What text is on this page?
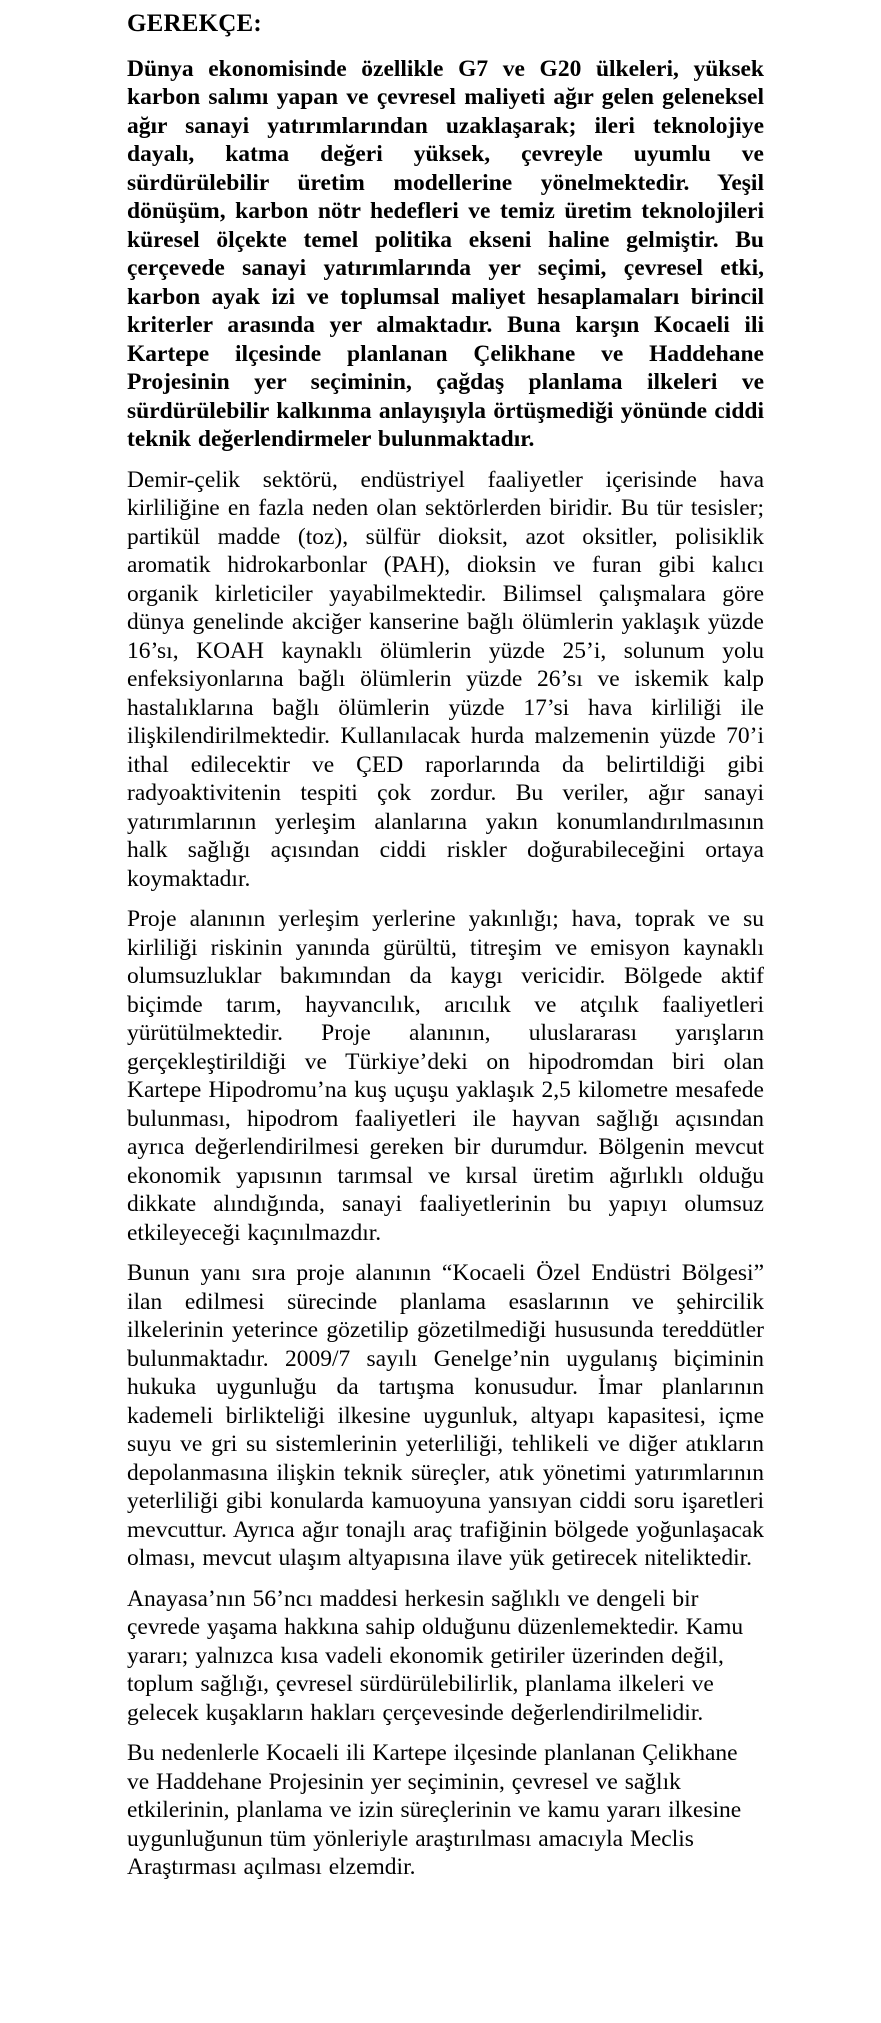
GEREKÇE:

Dünya ekonomisinde özellikle G7 ve G20 ülkeleri, yüksek karbon salımı yapan ve çevresel maliyeti ağır gelen geleneksel ağır sanayi yatırımlarından uzaklaşarak; ileri teknolojiye dayalı, katma değeri yüksek, çevreyle uyumlu ve sürdürülebilir üretim modellerine yönelmektedir. Yeşil dönüşüm, karbon nötr hedefleri ve temiz üretim teknolojileri küresel ölçekte temel politika ekseni haline gelmiştir. Bu çerçevede sanayi yatırımlarında yer seçimi, çevresel etki, karbon ayak izi ve toplumsal maliyet hesaplamaları birincil kriterler arasında yer almaktadır. Buna karşın Kocaeli ili Kartepe ilçesinde planlanan Çelikhane ve Haddehane Projesinin yer seçiminin, çağdaş planlama ilkeleri ve sürdürülebilir kalkınma anlayışıyla örtüşmediği yönünde ciddi teknik değerlendirmeler bulunmaktadır.

Demir-çelik sektörü, endüstriyel faaliyetler içerisinde hava kirliliğine en fazla neden olan sektörlerden biridir. Bu tür tesisler; partikül madde (toz), sülfür dioksit, azot oksitler, polisiklik aromatik hidrokarbonlar (PAH), dioksin ve furan gibi kalıcı organik kirleticiler yayabilmektedir. Bilimsel çalışmalara göre dünya genelinde akciğer kanserine bağlı ölümlerin yaklaşık yüzde 16’sı, KOAH kaynaklı ölümlerin yüzde 25’i, solunum yolu enfeksiyonlarına bağlı ölümlerin yüzde 26’sı ve iskemik kalp hastalıklarına bağlı ölümlerin yüzde 17’si hava kirliliği ile ilişkilendirilmektedir. Kullanılacak hurda malzemenin yüzde 70’i ithal edilecektir ve ÇED raporlarında da belirtildiği gibi radyoaktivitenin tespiti çok zordur. Bu veriler, ağır sanayi yatırımlarının yerleşim alanlarına yakın konumlandırılmasının halk sağlığı açısından ciddi riskler doğurabileceğini ortaya koymaktadır.

Proje alanının yerleşim yerlerine yakınlığı; hava, toprak ve su kirliliği riskinin yanında gürültü, titreşim ve emisyon kaynaklı olumsuzluklar bakımından da kaygı vericidir. Bölgede aktif biçimde tarım, hayvancılık, arıcılık ve atçılık faaliyetleri yürütülmektedir. Proje alanının, uluslararası yarışların gerçekleştirildiği ve Türkiye’deki on hipodromdan biri olan Kartepe Hipodromu’na kuş uçuşu yaklaşık 2,5 kilometre mesafede bulunması, hipodrom faaliyetleri ile hayvan sağlığı açısından ayrıca değerlendirilmesi gereken bir durumdur. Bölgenin mevcut ekonomik yapısının tarımsal ve kırsal üretim ağırlıklı olduğu dikkate alındığında, sanayi faaliyetlerinin bu yapıyı olumsuz etkileyeceği kaçınılmazdır.

Bunun yanı sıra proje alanının “Kocaeli Özel Endüstri Bölgesi” ilan edilmesi sürecinde planlama esaslarının ve şehircilik ilkelerinin yeterince gözetilip gözetilmediği hususunda tereddütler bulunmaktadır. 2009/7 sayılı Genelge’nin uygulanış biçiminin hukuka uygunluğu da tartışma konusudur. İmar planlarının kademeli birlikteliği ilkesine uygunluk, altyapı kapasitesi, içme suyu ve gri su sistemlerinin yeterliliği, tehlikeli ve diğer atıkların depolanmasına ilişkin teknik süreçler, atık yönetimi yatırımlarının yeterliliği gibi konularda kamuoyuna yansıyan ciddi soru işaretleri mevcuttur. Ayrıca ağır tonajlı araç trafiğinin bölgede yoğunlaşacak olması, mevcut ulaşım altyapısına ilave yük getirecek niteliktedir.

Anayasa’nın 56’ncı maddesi herkesin sağlıklı ve dengeli bir çevrede yaşama hakkına sahip olduğunu düzenlemektedir. Kamu yararı; yalnızca kısa vadeli ekonomik getiriler üzerinden değil, toplum sağlığı, çevresel sürdürülebilirlik, planlama ilkeleri ve gelecek kuşakların hakları çerçevesinde değerlendirilmelidir.

Bu nedenlerle Kocaeli ili Kartepe ilçesinde planlanan Çelikhane ve Haddehane Projesinin yer seçiminin, çevresel ve sağlık etkilerinin, planlama ve izin süreçlerinin ve kamu yararı ilkesine uygunluğunun tüm yönleriyle araştırılması amacıyla Meclis Araştırması açılması elzemdir.
